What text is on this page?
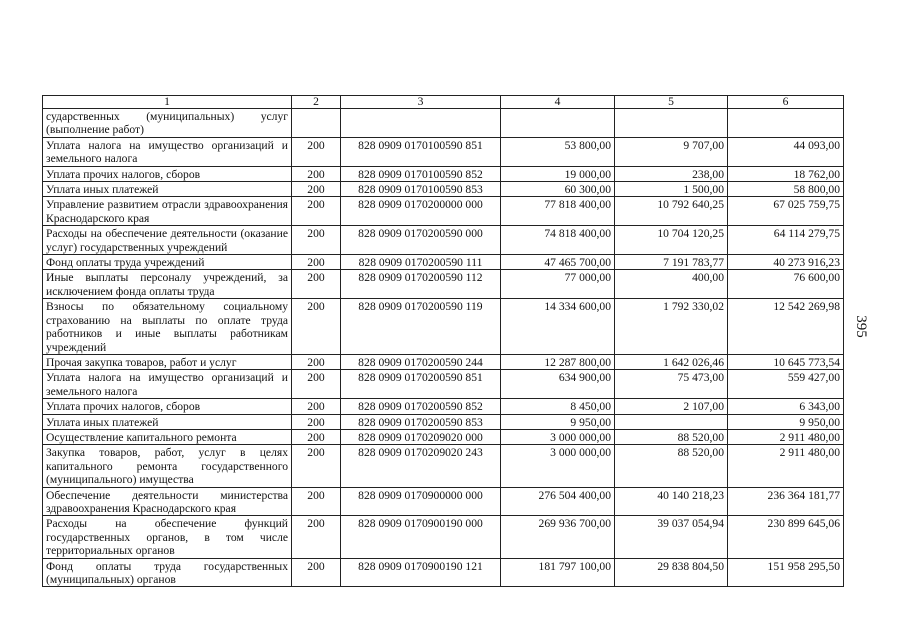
1	2	3	4	5	6
сударственных (муниципальных) услуг (выполнение работ)					
Уплата налога на имущество организаций и земельного налога	200	828 0909 0170100590 851	53 800,00	9 707,00	44 093,00
Уплата прочих налогов, сборов	200	828 0909 0170100590 852	19 000,00	238,00	18 762,00
Уплата иных платежей	200	828 0909 0170100590 853	60 300,00	1 500,00	58 800,00
Управление развитием отрасли здравоохранения Краснодарского края	200	828 0909 0170200000 000	77 818 400,00	10 792 640,25	67 025 759,75
Расходы на обеспечение деятельности (оказание услуг) государственных учреждений	200	828 0909 0170200590 000	74 818 400,00	10 704 120,25	64 114 279,75
Фонд оплаты труда учреждений	200	828 0909 0170200590 111	47 465 700,00	7 191 783,77	40 273 916,23
Иные выплаты персоналу учреждений, за исключением фонда оплаты труда	200	828 0909 0170200590 112	77 000,00	400,00	76 600,00
Взносы по обязательному социальному страхованию на выплаты по оплате труда работников и иные выплаты работникам учреждений	200	828 0909 0170200590 119	14 334 600,00	1 792 330,02	12 542 269,98
Прочая закупка товаров, работ и услуг	200	828 0909 0170200590 244	12 287 800,00	1 642 026,46	10 645 773,54
Уплата налога на имущество организаций и земельного налога	200	828 0909 0170200590 851	634 900,00	75 473,00	559 427,00
Уплата прочих налогов, сборов	200	828 0909 0170200590 852	8 450,00	2 107,00	6 343,00
Уплата иных платежей	200	828 0909 0170200590 853	9 950,00		9 950,00
Осуществление капитального ремонта	200	828 0909 0170209020 000	3 000 000,00	88 520,00	2 911 480,00
Закупка товаров, работ, услуг в целях капитального ремонта государственного (муниципального) имущества	200	828 0909 0170209020 243	3 000 000,00	88 520,00	2 911 480,00
Обеспечение деятельности министерства здравоохранения Краснодарского края	200	828 0909 0170900000 000	276 504 400,00	40 140 218,23	236 364 181,77
Расходы на обеспечение функций государственных органов, в том числе территориальных органов	200	828 0909 0170900190 000	269 936 700,00	39 037 054,94	230 899 645,06
Фонд оплаты труда государственных (муниципальных) органов	200	828 0909 0170900190 121	181 797 100,00	29 838 804,50	151 958 295,50
395
